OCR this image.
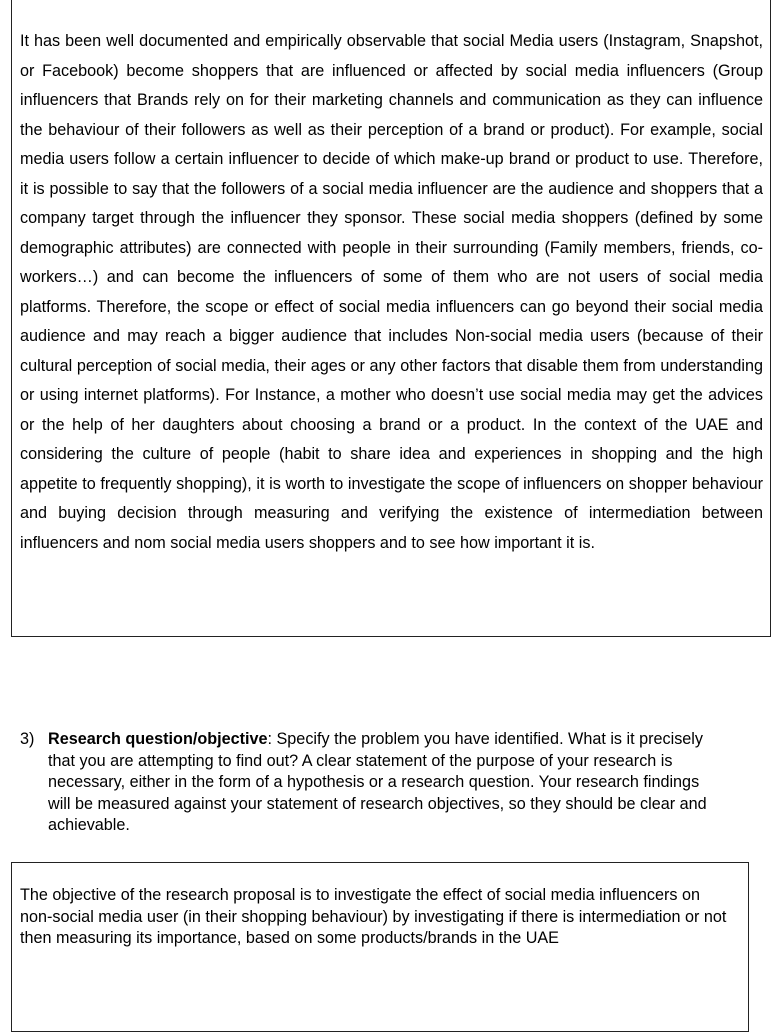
It has been well documented and empirically observable that social Media users (Instagram, Snapshot, or Facebook) become shoppers that are influenced or affected by social media influencers (Group influencers that Brands rely on for their marketing channels and communication as they can influence the behaviour of their followers as well as their perception of a brand or product). For example, social media users follow a certain influencer to decide of which make-up brand or product to use. Therefore, it is possible to say that the followers of a social media influencer are the audience and shoppers that a company target through the influencer they sponsor. These social media shoppers (defined by some demographic attributes) are connected with people in their surrounding (Family members, friends, co-workers…) and can become the influencers of some of them who are not users of social media platforms. Therefore, the scope or effect of social media influencers can go beyond their social media audience and may reach a bigger audience that includes Non-social media users (because of their cultural perception of social media, their ages or any other factors that disable them from understanding or using internet platforms). For Instance, a mother who doesn’t use social media may get the advices or the help of her daughters about choosing a brand or a product. In the context of the UAE and considering the culture of people (habit to share idea and experiences in shopping and the high appetite to frequently shopping), it is worth to investigate the scope of influencers on shopper behaviour and buying decision through measuring and verifying the existence of intermediation between influencers and nom social media users shoppers and to see how important it is.

3) Research question/objective: Specify the problem you have identified. What is it precisely that you are attempting to find out? A clear statement of the purpose of your research is necessary, either in the form of a hypothesis or a research question. Your research findings will be measured against your statement of research objectives, so they should be clear and achievable.

The objective of the research proposal is to investigate the effect of social media influencers on non-social media user (in their shopping behaviour) by investigating if there is intermediation or not then measuring its importance, based on some products/brands in the UAE
